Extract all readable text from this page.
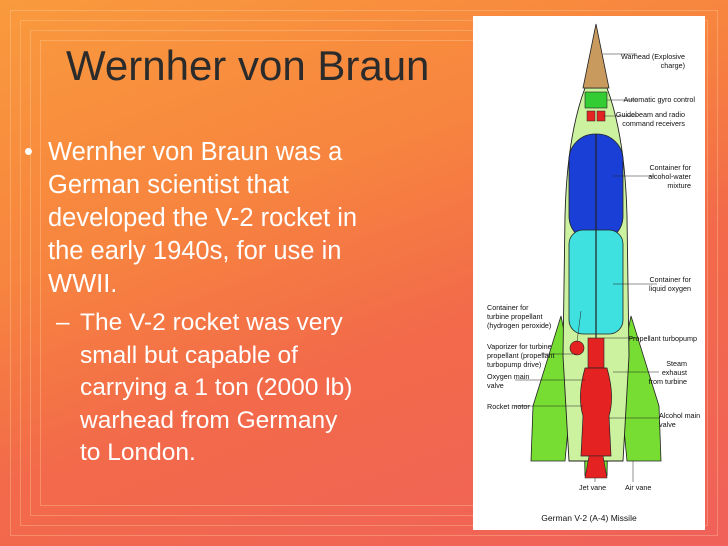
Wernher von Braun
• Wernher von Braun was a German scientist that developed the V-2 rocket in the early 1940s, for use in WWII.
– The V-2 rocket was very small but capable of carrying a 1 ton (2000 lb) warhead from Germany to London.
Warhead (Explosive
charge)
Automatic gyro control
Guidebeam and radio
command receivers
Container for
alcohol-water
mixture
Container for
liquid oxygen
Container for
turbine propellant
(hydrogen peroxide)
Propellant turbopump
Vaporizer for turbine
propellant (propellant
turbopump drive)	Steam
exhaust
from turbine
Oxygen main
valve
Rocket motor
Alcohol main
valve
Jet vane	Air vane
German V-2 (A-4) Missile
